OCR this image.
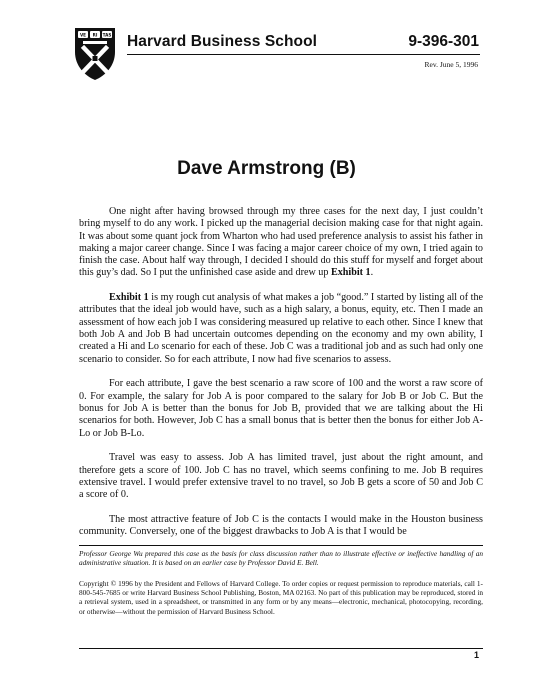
VE RI TAS Harvard Business School	9-396-301
Rev. June 5, 1996
Dave Armstrong (B)

One night after having browsed through my three cases for the next day, I just couldn’t bring myself to do any work. I picked up the managerial decision making case for that night again. It was about some quant jock from Wharton who had used preference analysis to assist his father in making a major career change. Since I was facing a major career choice of my own, I tried again to finish the case. About half way through, I decided I should do this stuff for myself and forget about this guy’s dad. So I put the unfinished case aside and drew up Exhibit 1.

Exhibit 1 is my rough cut analysis of what makes a job “good.” I started by listing all of the attributes that the ideal job would have, such as a high salary, a bonus, equity, etc. Then I made an assessment of how each job I was considering measured up relative to each other. Since I knew that both Job A and Job B had uncertain outcomes depending on the economy and my own ability, I created a Hi and Lo scenario for each of these. Job C was a traditional job and as such had only one scenario to consider. So for each attribute, I now had five scenarios to assess.

For each attribute, I gave the best scenario a raw score of 100 and the worst a raw score of 0. For example, the salary for Job A is poor compared to the salary for Job B or Job C. But the bonus for Job A is better than the bonus for Job B, provided that we are talking about the Hi scenarios for both. However, Job C has a small bonus that is better then the bonus for either Job A-Lo or Job B-Lo.

Travel was easy to assess. Job A has limited travel, just about the right amount, and therefore gets a score of 100. Job C has no travel, which seems confining to me. Job B requires extensive travel. I would prefer extensive travel to no travel, so Job B gets a score of 50 and Job C a score of 0.

The most attractive feature of Job C is the contacts I would make in the Houston business community. Conversely, one of the biggest drawbacks to Job A is that I would be

Professor George Wu prepared this case as the basis for class discussion rather than to illustrate effective or ineffective handling of an administrative situation. It is based on an earlier case by Professor David E. Bell.
Copyright © 1996 by the President and Fellows of Harvard College. To order copies or request permission to reproduce materials, call 1-800-545-7685 or write Harvard Business School Publishing, Boston, MA 02163. No part of this publication may be reproduced, stored in a retrieval system, used in a spreadsheet, or transmitted in any form or by any means—electronic, mechanical, photocopying, recording, or otherwise—without the permission of Harvard Business School.
1
